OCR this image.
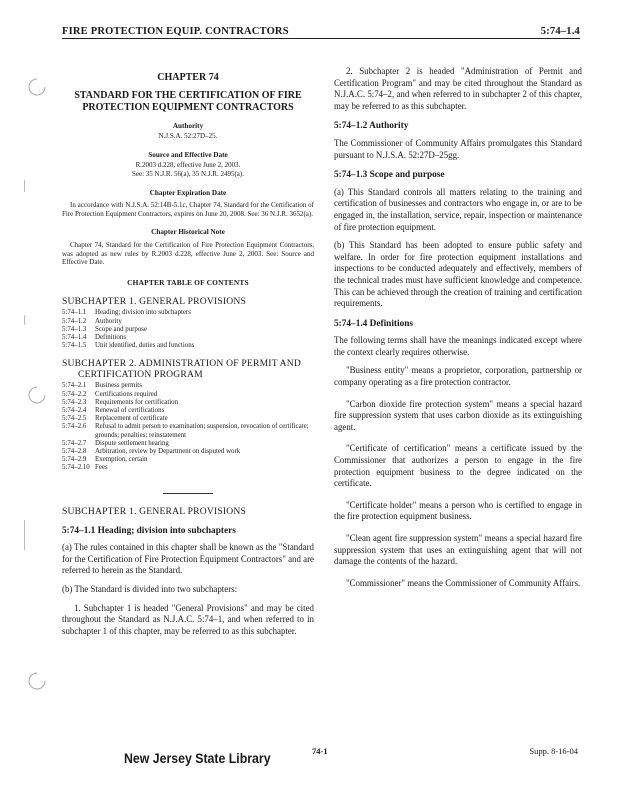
FIRE PROTECTION EQUIP. CONTRACTORS	5:74–1.4
CHAPTER 74
STANDARD FOR THE CERTIFICATION OF FIRE PROTECTION EQUIPMENT CONTRACTORS
Authority
N.J.S.A. 52:27D–25.
Source and Effective Date
R.2003 d.228, effective June 2, 2003.
See: 35 N.J.R. 56(a), 35 N.J.R. 2495(a).
Chapter Expiration Date
In accordance with N.J.S.A. 52:14B-5.1c, Chapter 74, Standard for the Certification of Fire Protection Equipment Contractors, expires on June 20, 2008. See: 36 N.J.R. 3652(a).
Chapter Historical Note
Chapter 74, Standard for the Certification of Fire Protection Equipment Contractors, was adopted as new rules by R.2003 d.228, effective June 2, 2003. See: Source and Effective Date.
CHAPTER TABLE OF CONTENTS
SUBCHAPTER 1. GENERAL PROVISIONS
5:74–1.1	Heading; division into subchapters
5:74–1.2	Authority
5:74–1.3	Scope and purpose
5:74–1.4	Definitions
5:74–1.5	Unit identified, duties and functions
SUBCHAPTER 2. ADMINISTRATION OF PERMIT AND
CERTIFICATION PROGRAM
5:74–2.1	Business permits
5:74–2.2	Certifications required
5:74–2.3	Requirements for certification
5:74–2.4	Renewal of certifications
5:74–2.5	Replacement of certificate
5:74–2.6	Refusal to admit person to examination; suspension, revocation of certificate; grounds; penalties; reinstatement
5:74–2.7	Dispute settlement hearing
5:74–2.8	Arbitration, review by Department on disputed work
5:74–2.9	Exemption, certain
5:74–2.10 Fees
SUBCHAPTER 1. GENERAL PROVISIONS
5:74–1.1 Heading; division into subchapters

(a) The rules contained in this chapter shall be known as the "Standard for the Certification of Fire Protection Equipment Contractors" and are referred to herein as the Standard.

(b) The Standard is divided into two subchapters:

1. Subchapter 1 is headed "General Provisions" and may be cited throughout the Standard as N.J.A.C. 5:74–1, and when referred to in subchapter 1 of this chapter, may be referred to as this subchapter.

2. Subchapter 2 is headed "Administration of Permit and Certification Program" and may be cited throughout the Standard as N.J.A.C. 5:74–2, and when referred to in subchapter 2 of this chapter, may be referred to as this subchapter.

5:74–1.2 Authority

The Commissioner of Community Affairs promulgates this Standard pursuant to N.J.S.A. 52:27D–25gg.

5:74–1.3 Scope and purpose

(a) This Standard controls all matters relating to the training and certification of businesses and contractors who engage in, or are to be engaged in, the installation, service, repair, inspection or maintenance of fire protection equipment.

(b) This Standard has been adopted to ensure public safety and welfare. In order for fire protection equipment installations and inspections to be conducted adequately and effectively, members of the technical trades must have sufficient knowledge and competence. This can be achieved through the creation of training and certification requirements.

5:74–1.4 Definitions

The following terms shall have the meanings indicated except where the context clearly requires otherwise.

"Business entity" means a proprietor, corporation, partnership or company operating as a fire protection contractor.

"Carbon dioxide fire protection system" means a special hazard fire suppression system that uses carbon dioxide as its extinguishing agent.

"Certificate of certification" means a certificate issued by the Commissioner that authorizes a person to engage in the fire protection equipment business to the degree indicated on the certificate.

"Certificate holder" means a person who is certified to engage in the fire protection equipment business.

"Clean agent fire suppression system" means a special hazard fire suppression system that uses an extinguishing agent that will not damage the contents of the hazard.

"Commissioner" means the Commissioner of Community Affairs.

New Jersey State Library	74-1	Supp. 8-16-04
